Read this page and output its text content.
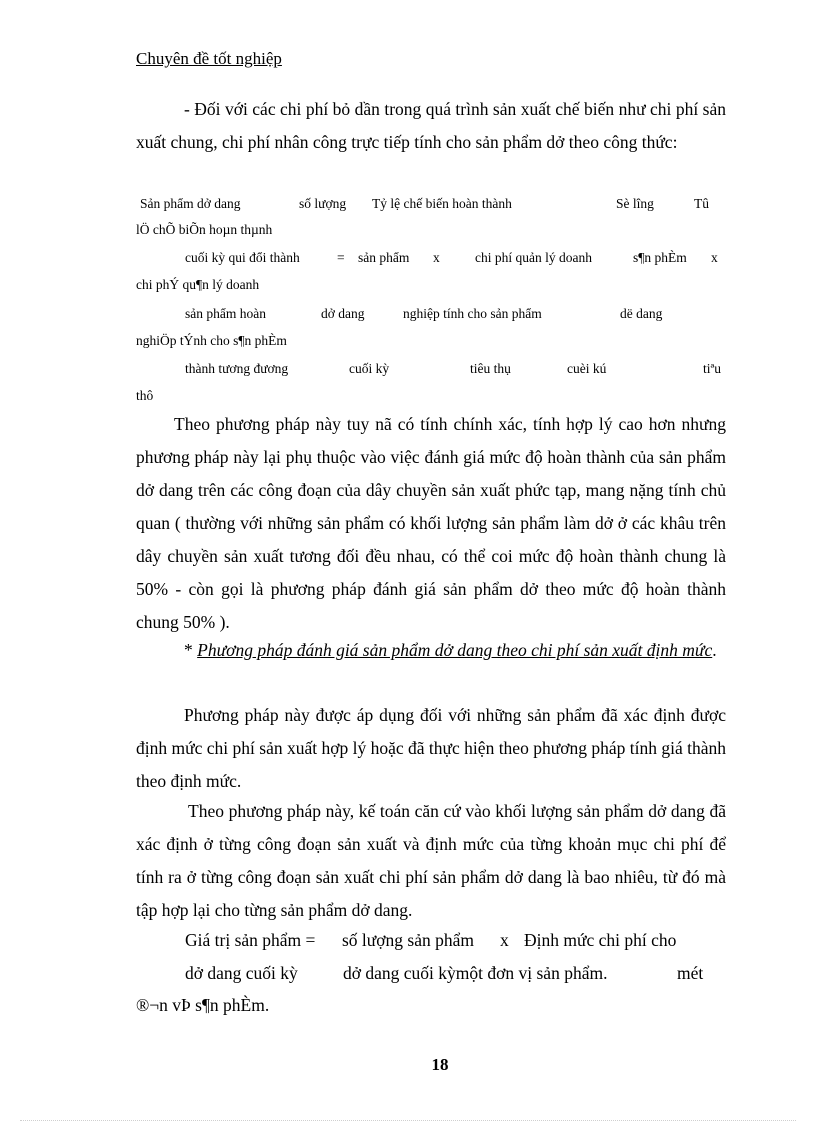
Chuyên đề tốt nghiệp
- Đối với các chi phí bỏ dần trong quá trình sản xuất chế biến như chi phí sản xuất chung, chi phí nhân công trực tiếp tính cho sản phẩm dở theo công thức:
Sản phẩm dở dang	số lượng Tỷ lệ chế biến hoàn thành	Sè lîng	Tû
lÖ chÕ biÕn hoµn thµnh
cuối kỳ qui đổi thành	= sản phẩm x	chi phí quản lý doanh	s¶n phÈm x
chi phÝ qu¶n lý doanh
sản phẩm hoàn	dở dang	nghiệp tính cho sản phẩm	dë dang
nghiÖp tÝnh cho s¶n phÈm
thành tương đương	cuối kỳ	tiêu thụ	cuèi kú	tiªu
thô
Theo phương pháp này tuy nã có tính chính xác, tính hợp lý cao hơn nhưng phương pháp này lại phụ thuộc vào việc đánh giá mức độ hoàn thành của sản phẩm dở dang trên các công đoạn của dây chuyền sản xuất phức tạp, mang nặng tính chủ quan ( thường với những sản phẩm có khối lượng sản phẩm làm dở ở các khâu trên dây chuyền sản xuất tương đối đều nhau, có thể coi mức độ hoàn thành chung là 50% - còn gọi là phương pháp đánh giá sản phẩm dở theo mức độ hoàn thành chung 50% ).
* Phương pháp đánh giá sản phẩm dở dang theo chi phí sản xuất định mức.
Phương pháp này được áp dụng đối với những sản phẩm đã xác định được định mức chi phí sản xuất hợp lý hoặc đã thực hiện theo phương pháp tính giá thành theo định mức.
Theo phương pháp này, kế toán căn cứ vào khối lượng sản phẩm dở dang đã xác định ở từng công đoạn sản xuất và định mức của từng khoản mục chi phí để tính ra ở từng công đoạn sản xuất chi phí sản phẩm dở dang là bao nhiêu, từ đó mà tập hợp lại cho từng sản phẩm dở dang.
Giá trị sản phẩm = số lượng sản phẩm x Định mức chi phí cho
dở dang cuối kỳ	dở dang cuối kỳmột đơn vị sản phẩm.	mét
®¬n vÞ s¶n phÈm.
18
